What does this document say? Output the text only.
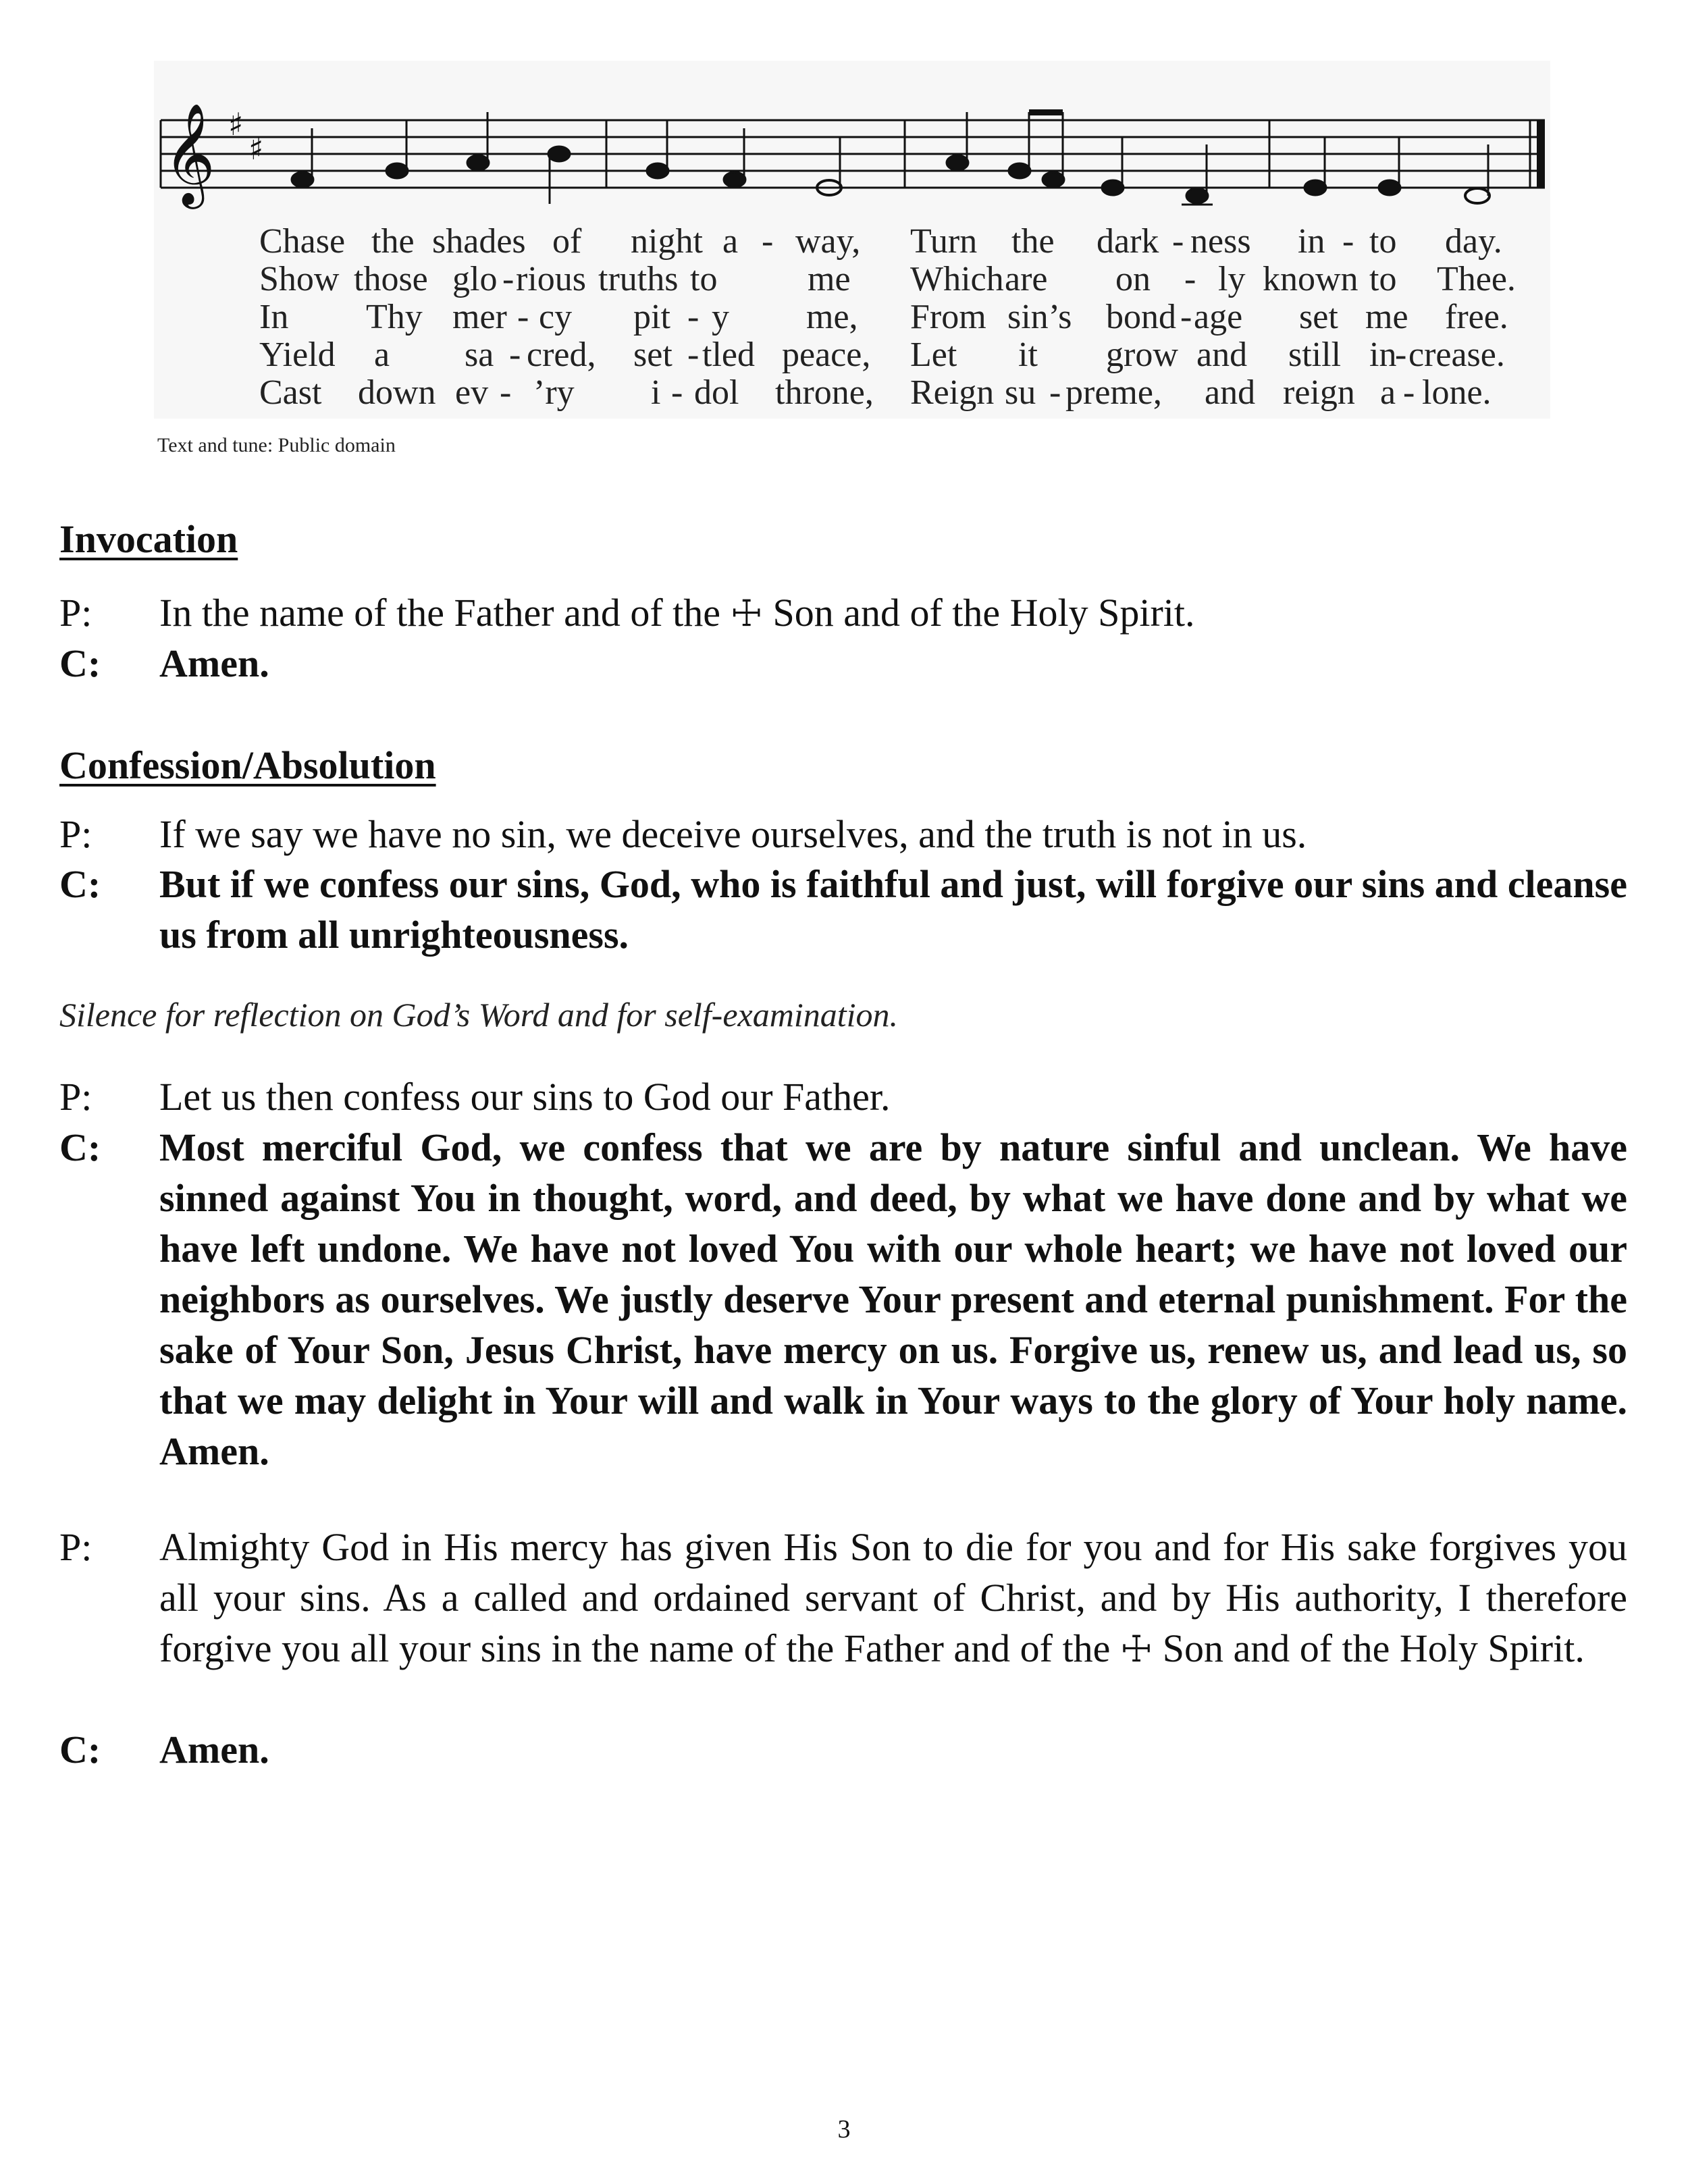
𝄞 ♯
♯
Chase the shades of night a - way, Turn the dark - ness in - to day.
Show those glo - rious truths to	me Which are on - ly known to Thee.
In Thy mer - cy pit - y me, From sin’s bond - age set me free.
Yield a sa - cred, set - tled peace, Let it grow and still in
- crease.
Cast down ev - ’ry i - dol throne, Reign su - preme, and reign a - lone.
Text and tune: Public domain
Invocation
P:	In the name of the Father and of the ☩ Son and of the Holy Spirit.
C:	Amen.
Confession/Absolution
P:	If we say we have no sin, we deceive ourselves, and the truth is not in us.
C:	But if we confess our sins, God, who is faithful and just, will forgive our sins and cleanse us from all unrighteousness.
Silence for reflection on God’s Word and for self-examination.
P:	Let us then confess our sins to God our Father.
C:	Most merciful God, we confess that we are by nature sinful and unclean. We have sinned against You in thought, word, and deed, by what we have done and by what we have left undone. We have not loved You with our whole heart; we have not loved our neighbors as ourselves. We justly deserve Your present and eternal punishment. For the sake of Your Son, Jesus Christ, have mercy on us. Forgive us, renew us, and lead us, so that we may delight in Your will and walk in Your ways to the glory of Your holy name. Amen.
P:	Almighty God in His mercy has given His Son to die for you and for His sake forgives you all your sins. As a called and ordained servant of Christ, and by His authority, I therefore forgive you all your sins in the name of the Father and of the ☩ Son and of the Holy Spirit.
C:	Amen.
3
